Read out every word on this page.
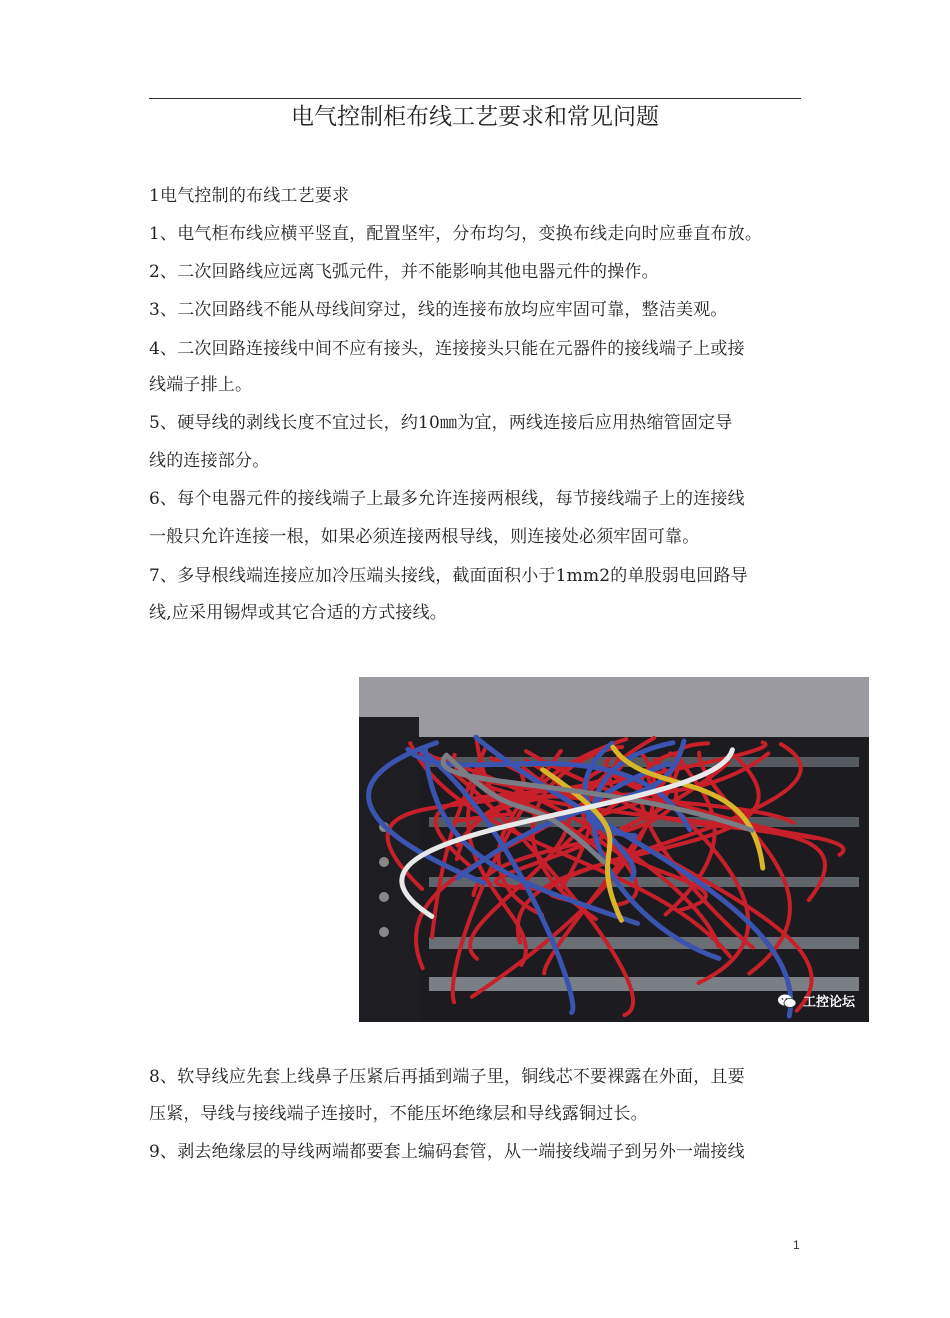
电气控制柜布线工艺要求和常见问题
1电气控制的布线工艺要求
1、电气柜布线应横平竖直，配置坚牢，分布均匀，变换布线走向时应垂直布放。
2、二次回路线应远离飞弧元件，并不能影响其他电器元件的操作。
3、二次回路线不能从母线间穿过，线的连接布放均应牢固可靠，整洁美观。
4、二次回路连接线中间不应有接头，连接接头只能在元器件的接线端子上或接
线端子排上。
5、硬导线的剥线长度不宜过长，约10㎜为宜，两线连接后应用热缩管固定导
线的连接部分。
6、每个电器元件的接线端子上最多允许连接两根线，每节接线端子上的连接线
一般只允许连接一根，如果必须连接两根导线，则连接处必须牢固可靠。
7、多导根线端连接应加冷压端头接线，截面面积小于1mm2的单股弱电回路导
线,应采用锡焊或其它合适的方式接线。
工控论坛
8、软导线应先套上线鼻子压紧后再插到端子里，铜线芯不要裸露在外面，且要
压紧，导线与接线端子连接时，不能压坏绝缘层和导线露铜过长。
9、剥去绝缘层的导线两端都要套上编码套管，从一端接线端子到另外一端接线
1
